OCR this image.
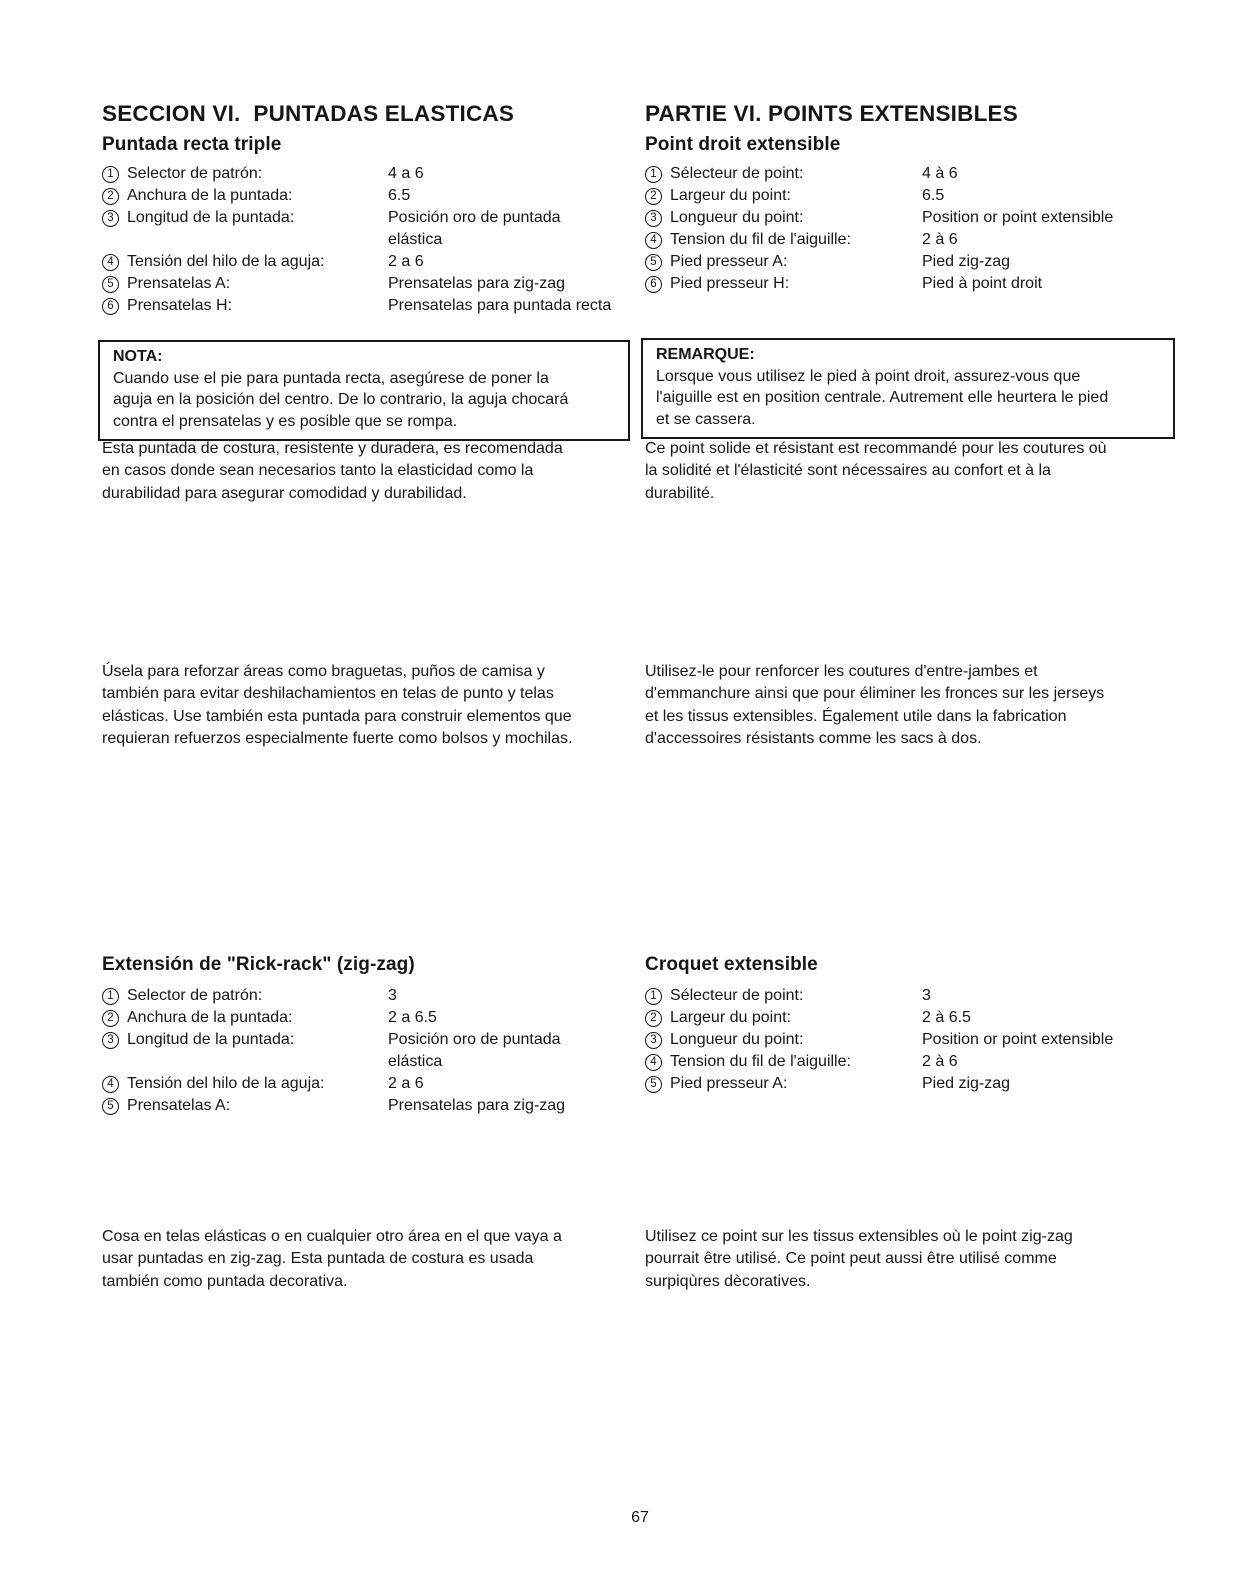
SECCION VI.  PUNTADAS ELASTICAS
Puntada recta triple
1 Selector de patrón:	4 a 6
2 Anchura de la puntada:	6.5
3 Longitud de la puntada:	Posición oro de puntada elástica
4 Tensión del hilo de la aguja:	2 a 6
5 Prensatelas A:	Prensatelas para zig-zag
6 Prensatelas H:	Prensatelas para puntada recta
NOTA:
Cuando use el pie para puntada recta, asegúrese de poner la
aguja en la posición del centro. De lo contrario, la aguja chocará
contra el prensatelas y es posible que se rompa.
Esta puntada de costura, resistente y duradera, es recomendada
en casos donde sean necesarios tanto la elasticidad como la
durabilidad para asegurar comodidad y durabilidad.
Úsela para reforzar áreas como braguetas, puños de camisa y
también para evitar deshilachamientos en telas de punto y telas
elásticas. Use también esta puntada para construir elementos que
requieran refuerzos especialmente fuerte como bolsos y mochilas.
Extensión de "Rick-rack" (zig-zag)
1 Selector de patrón:	3
2 Anchura de la puntada:	2 a 6.5
3 Longitud de la puntada:	Posición oro de puntada elástica
4 Tensión del hilo de la aguja:	2 a 6
5 Prensatelas A:	Prensatelas para zig-zag
Cosa en telas elásticas o en cualquier otro área en el que vaya a
usar puntadas en zig-zag. Esta puntada de costura es usada
también como puntada decorativa.
PARTIE VI. POINTS EXTENSIBLES
Point droit extensible
1 Sélecteur de point:	4 à 6
2 Largeur du point:	6.5
3 Longueur du point:	Position or point extensible
4 Tension du fil de l'aiguille:	2 à 6
5 Pied presseur A:	Pied zig-zag
6 Pied presseur H:	Pied à point droit
REMARQUE:
Lorsque vous utilisez le pied à point droit, assurez-vous que
l'aiguille est en position centrale. Autrement elle heurtera le pied
et se cassera.
Ce point solide et résistant est recommandé pour les coutures où
la solidité et l'élasticité sont nécessaires au confort et à la
durabilité.
Utilisez-le pour renforcer les coutures d'entre-jambes et
d'emmanchure ainsi que pour éliminer les fronces sur les jerseys
et les tissus extensibles. Également utile dans la fabrication
d'accessoires résistants comme les sacs à dos.
Croquet extensible
1 Sélecteur de point:	3
2 Largeur du point:	2 à 6.5
3 Longueur du point:	Position or point extensible
4 Tension du fil de l'aiguille:	2 à 6
5 Pied presseur A:	Pied zig-zag
Utilisez ce point sur les tissus extensibles où le point zig-zag
pourrait être utilisé. Ce point peut aussi être utilisé comme
surpiqùres dècoratives.
67
